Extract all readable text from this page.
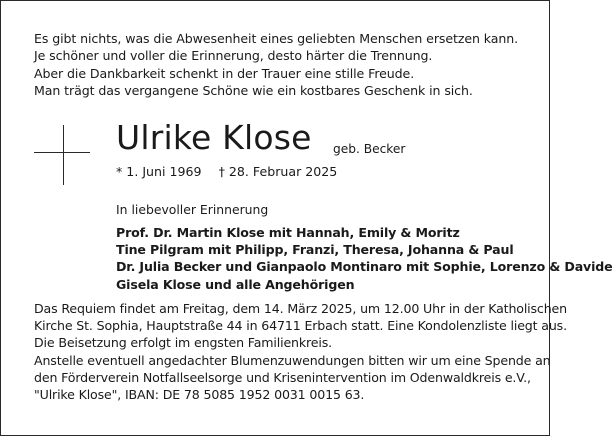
Es gibt nichts, was die Abwesenheit eines geliebten Menschen ersetzen kann.
Je schöner und voller die Erinnerung, desto härter die Trennung.
Aber die Dankbarkeit schenkt in der Trauer eine stille Freude.
Man trägt das vergangene Schöne wie ein kostbares Geschenk in sich.
Ulrike Klose geb. Becker
* 1. Juni 1969 † 28. Februar 2025
In liebevoller Erinnerung
Prof. Dr. Martin Klose mit Hannah, Emily & Moritz
Tine Pilgram mit Philipp, Franzi, Theresa, Johanna & Paul
Dr. Julia Becker und Gianpaolo Montinaro mit Sophie, Lorenzo & Davide
Gisela Klose und alle Angehörigen
Das Requiem findet am Freitag, dem 14. März 2025, um 12.00 Uhr in der Katholischen
Kirche St. Sophia, Hauptstraße 44 in 64711 Erbach statt. Eine Kondolenzliste liegt aus.
Die Beisetzung erfolgt im engsten Familienkreis.
Anstelle eventuell angedachter Blumenzuwendungen bitten wir um eine Spende an
den Förderverein Notfallseelsorge und Krisenintervention im Odenwaldkreis e.V.,
"Ulrike Klose", IBAN: DE 78 5085 1952 0031 0015 63.
